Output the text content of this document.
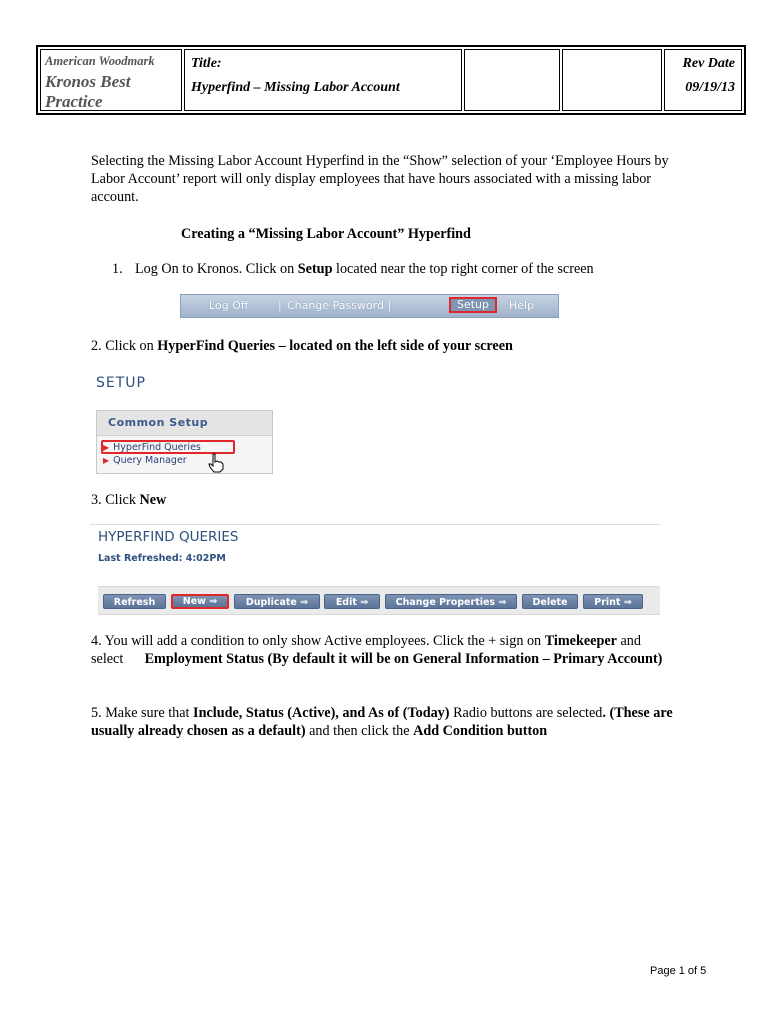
American Woodmark
Kronos Best Practice
Title:
Hyperfind – Missing Labor Account
Rev Date
09/19/13
Selecting the Missing Labor Account Hyperfind in the “Show” selection of your ‘Employee Hours by Labor Account’ report will only display employees that have hours associated with a missing labor account.
Creating a “Missing Labor Account” Hyperfind
1. Log On to Kronos. Click on Setup located near the top right corner of the screen
Log Off	| Change Password |	Setup	Help
2. Click on HyperFind Queries – located on the left side of your screen
SETUP
Common Setup
▶ HyperFind Queries
▶ Query Manager
3. Click New
HYPERFIND QUERIES
Last Refreshed: 4:02PM
Refresh	New ⇒	Duplicate ⇒	Edit ⇒	Change Properties ⇒	Delete	Print ⇒
4. You will add a condition to only show Active employees. Click the + sign on Timekeeper and select Employment Status (By default it will be on General Information – Primary Account)
5. Make sure that Include, Status (Active), and As of (Today) Radio buttons are selected. (These are usually already chosen as a default) and then click the Add Condition button
Page 1 of 5
